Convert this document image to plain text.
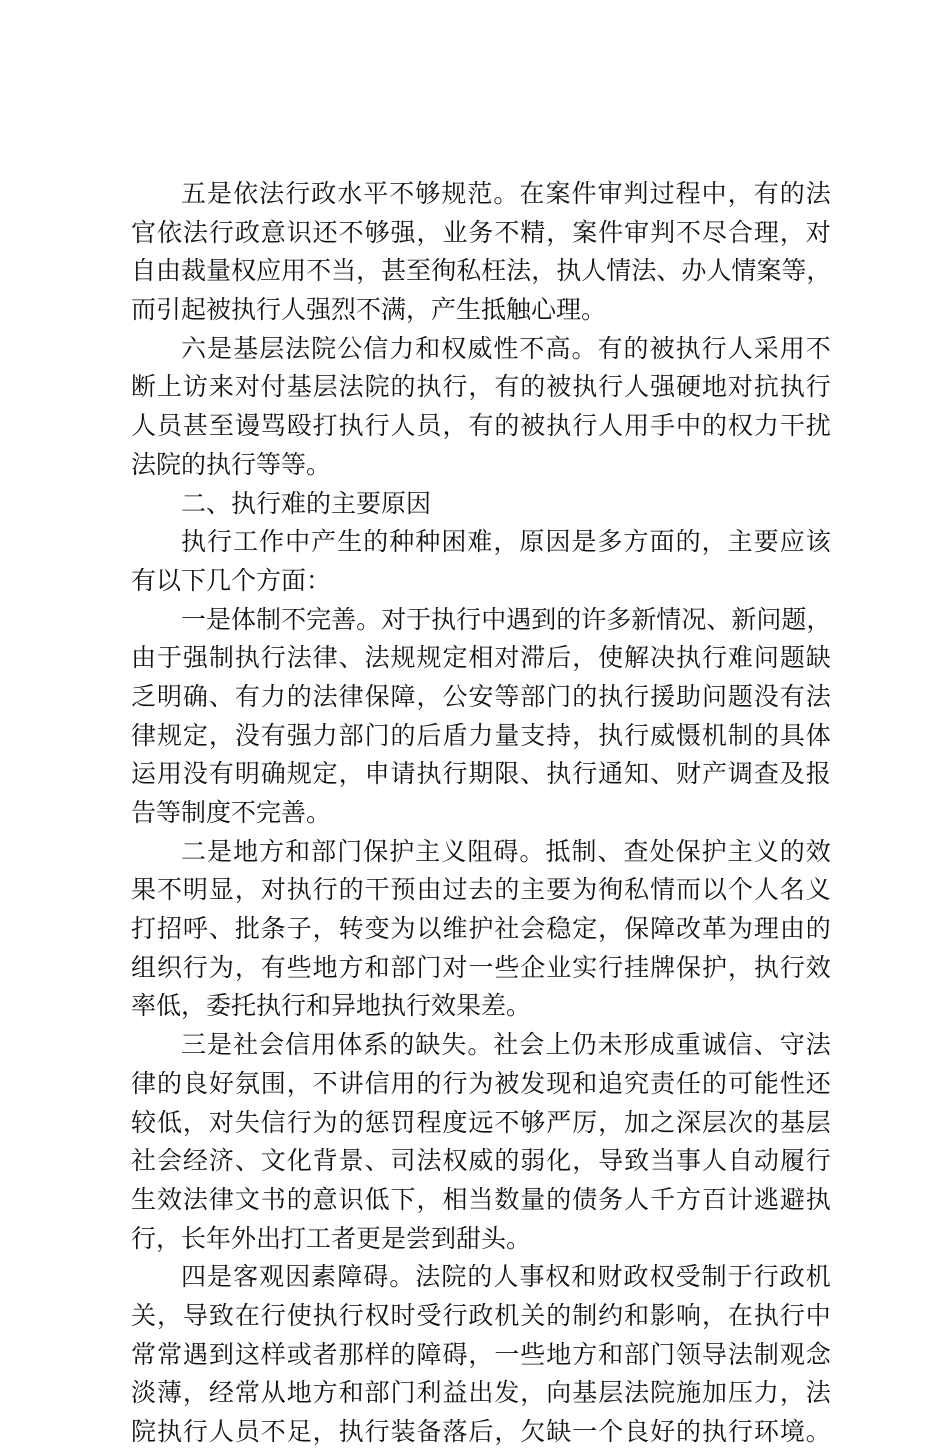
五 是 依 法 行 政 水 平 不 够 规 范 。 在 案 件 审 判 过 程 中 ， 有 的 法
官 依 法 行 政 意 识 还 不 够 强 ， 业 务 不 精 ， 案 件 审 判 不 尽 合 理 ， 对
自 由 裁 量 权 应 用 不 当 ， 甚 至 徇 私 枉 法 ， 执 人 情 法 、 办 人 情 案 等 ，
而引起被执行人强烈不满，产生抵触心理。
六 是 基 层 法 院 公 信 力 和 权 威 性 不 高 。 有 的 被 执 行 人 采 用 不
断 上 访 来 对 付 基 层 法 院 的 执 行 ， 有 的 被 执 行 人 强 硬 地 对 抗 执 行
人 员 甚 至 谩 骂 殴 打 执 行 人 员 ， 有 的 被 执 行 人 用 手 中 的 权 力 干 扰
法院的执行等等。
二、执行难的主要原因
执 行 工 作 中 产 生 的 种 种 困 难 ， 原 因 是 多 方 面 的 ， 主 要 应 该
有以下几个方面：
一 是 体 制 不 完 善 。 对 于 执 行 中 遇 到 的 许 多 新 情 况 、 新 问 题 ，
由 于 强 制 执 行 法 律 、 法 规 规 定 相 对 滞 后 ， 使 解 决 执 行 难 问 题 缺
乏 明 确 、 有 力 的 法 律 保 障 ， 公 安 等 部 门 的 执 行 援 助 问 题 没 有 法
律 规 定 ， 没 有 强 力 部 门 的 后 盾 力 量 支 持 ， 执 行 威 慑 机 制 的 具 体
运 用 没 有 明 确 规 定 ， 申 请 执 行 期 限 、 执 行 通 知 、 财 产 调 查 及 报
告等制度不完善。
二 是 地 方 和 部 门 保 护 主 义 阻 碍 。 抵 制 、 查 处 保 护 主 义 的 效
果 不 明 显 ， 对 执 行 的 干 预 由 过 去 的 主 要 为 徇 私 情 而 以 个 人 名 义
打 招 呼 、 批 条 子 ， 转 变 为 以 维 护 社 会 稳 定 ， 保 障 改 革 为 理 由 的
组 织 行 为 ， 有 些 地 方 和 部 门 对 一 些 企 业 实 行 挂 牌 保 护 ， 执 行 效
率低，委托执行和异地执行效果差。
三 是 社 会 信 用 体 系 的 缺 失 。 社 会 上 仍 未 形 成 重 诚 信 、 守 法
律 的 良 好 氛 围 ， 不 讲 信 用 的 行 为 被 发 现 和 追 究 责 任 的 可 能 性 还
较 低 ， 对 失 信 行 为 的 惩 罚 程 度 远 不 够 严 厉 ， 加 之 深 层 次 的 基 层
社 会 经 济 、 文 化 背 景 、 司 法 权 威 的 弱 化 ， 导 致 当 事 人 自 动 履 行
生 效 法 律 文 书 的 意 识 低 下 ， 相 当 数 量 的 债 务 人 千 方 百 计 逃 避 执
行，长年外出打工者更是尝到甜头。
四 是 客 观 因 素 障 碍 。 法 院 的 人 事 权 和 财 政 权 受 制 于 行 政 机
关 ， 导 致 在 行 使 执 行 权 时 受 行 政 机 关 的 制 约 和 影 响 ， 在 执 行 中
常 常 遇 到 这 样 或 者 那 样 的 障 碍 ， 一 些 地 方 和 部 门 领 导 法 制 观 念
淡 薄 ， 经 常 从 地 方 和 部 门 利 益 出 发 ， 向 基 层 法 院 施 加 压 力 ， 法
院 执 行 人 员 不 足 ， 执 行 装 备 落 后 ， 欠 缺 一 个 良 好 的 执 行 环 境 。
